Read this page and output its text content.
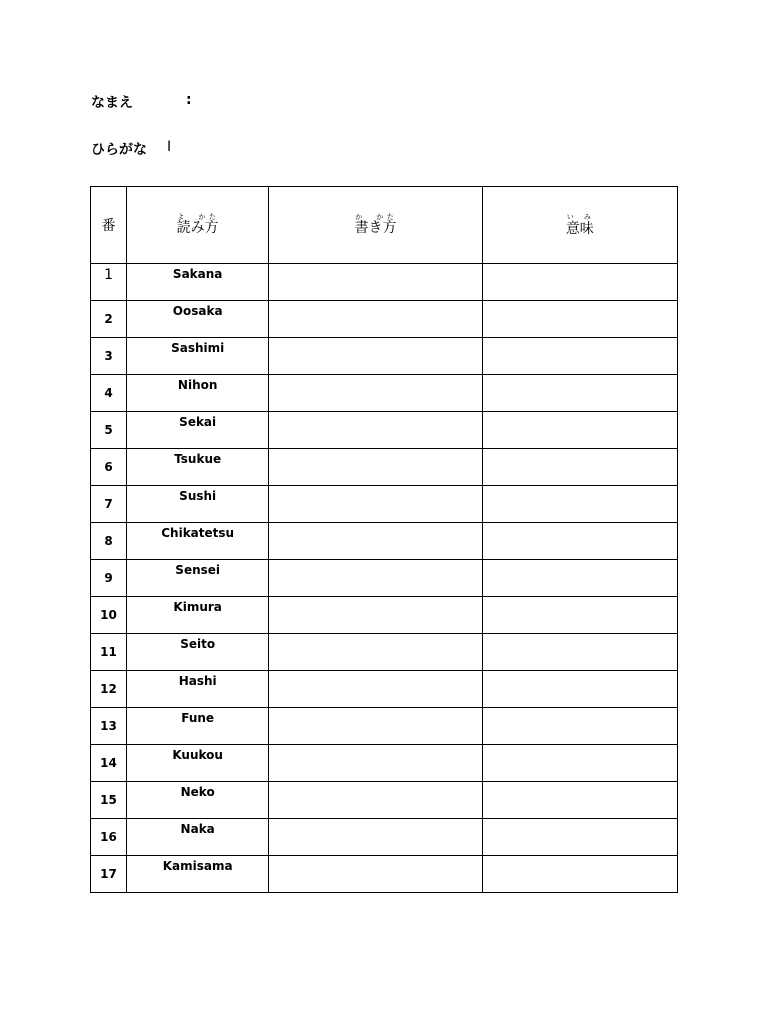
なまえ	:
ひらがな I
番	読み方よ　かた	書き方か　かた	意味い み
1	Sakana		
2	Oosaka		
3	Sashimi		
4	Nihon		
5	Sekai		
6	Tsukue		
7	Sushi		
8	Chikatetsu		
9	Sensei		
10	Kimura		
11	Seito		
12	Hashi		
13	Fune		
14	Kuukou		
15	Neko		
16	Naka		
17	Kamisama		
